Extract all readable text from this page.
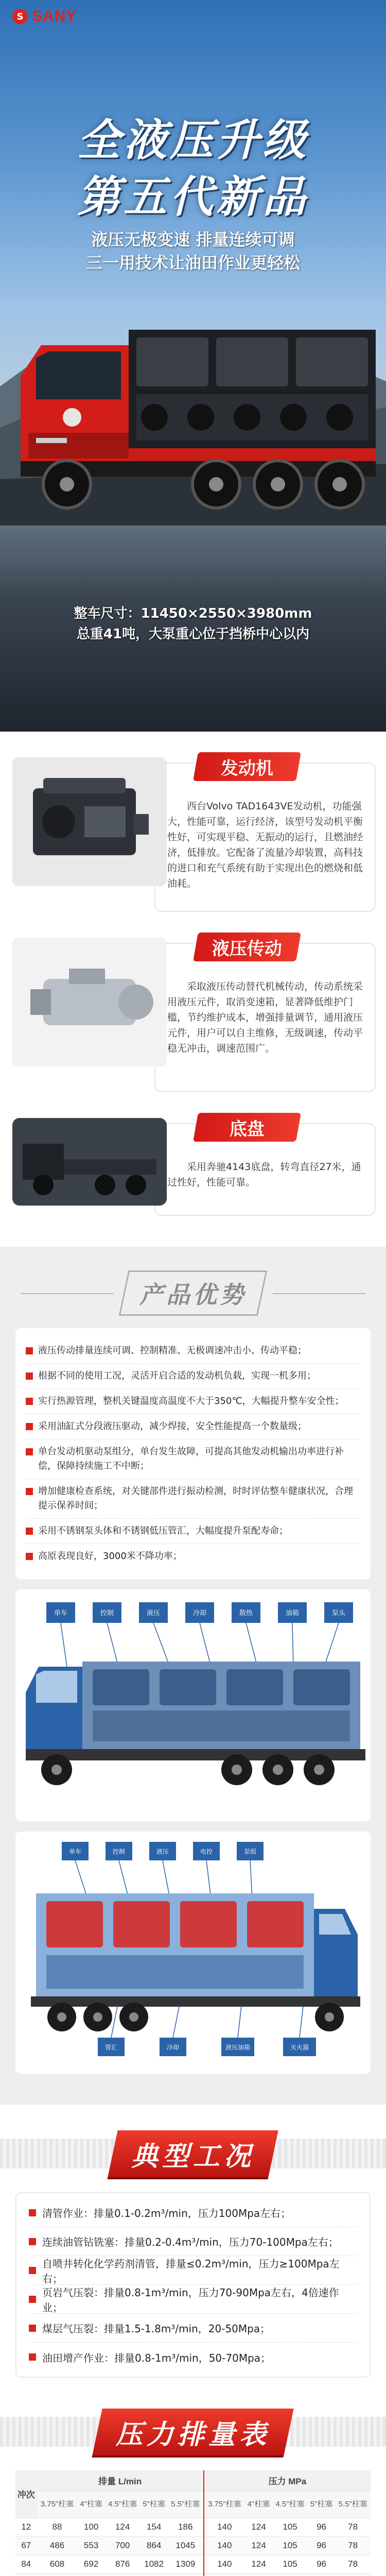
S SANY
全液压升级
第五代新品
液压无极变速 排量连续可调
三一用技术让油田作业更轻松
整车尺寸：11450×2550×3980mm
总重41吨，大泵重心位于挡桥中心以内
发动机
西台Volvo TAD1643VE发动机，功能强大，性能可靠，运行经济，该型号发动机平衡性好，可实现平稳、无振动的运行，且燃油经济，低排放。它配备了流量冷却装置，高科技的进口和充气系统有助于实现出色的燃烧和低油耗。
液压传动
采取液压传动替代机械传动，传动系统采用液压元件，取消变速箱，显著降低维护门槛，节约维护成本，增强排量调节，通用液压元件，用户可以自主维修，无级调速，传动平稳无冲击，调速范围广。
底盘
采用奔驰4143底盘，转弯直径27米，通过性好，性能可靠。
产品优势
液压传动排量连续可调、控制精准、无极调速冲击小、传动平稳；
根据不同的使用工况，灵活开启合适的发动机负载，实现一机多用；
实行热源管理，整机关键温度高温度不大于350℃，大幅提升整车安全性；
采用油缸式分段液压驱动，减少焊接，安全性能提高一个数量级；
单台发动机驱动泵组分，单台发生故障，可提高其他发动机输出功率进行补偿，保障持续施工不中断；
增加健康检查系统，对关键部件进行振动检测，时时评估整车健康状况，合理提示保养时间；
采用不锈钢泵头体和不锈钢低压管汇，大幅度提升泵配寿命；
高原表现良好，3000米不降功率；
单车	控制	液压	冷却	散热	油箱	泵头
单车	控制	液压	电控	泵组
管汇	冷却	液压油箱	灭火器
典型工况
清管作业：排量0.1-0.2m³/min，压力100Mpa左右；
连续油管钻铣塞：排量0.2-0.4m³/min，压力70-100Mpa左右；
自喷井转化化学药剂清管，排量≤0.2m³/min，压力≥100Mpa左右；
页岩气压裂：排量0.8-1m³/min，压力70-90Mpa左右，4倍速作业；
煤层气压裂：排量1.5-1.8m³/min，20-50Mpa；
油田增产作业：排量0.8-1m³/min，50-70Mpa；
压力排量表
冲次	排量 L/min					压力 MPa				
	3.75"柱塞	4"柱塞	4.5"柱塞	5"柱塞	5.5"柱塞	3.75"柱塞	4"柱塞	4.5"柱塞	5"柱塞	5.5"柱塞
12	88	100	124	154	186	140	124	105	96	78
67	486	553	700	864	1045	140	124	105	96	78
84	608	692	876	1082	1309	140	124	105	96	78
